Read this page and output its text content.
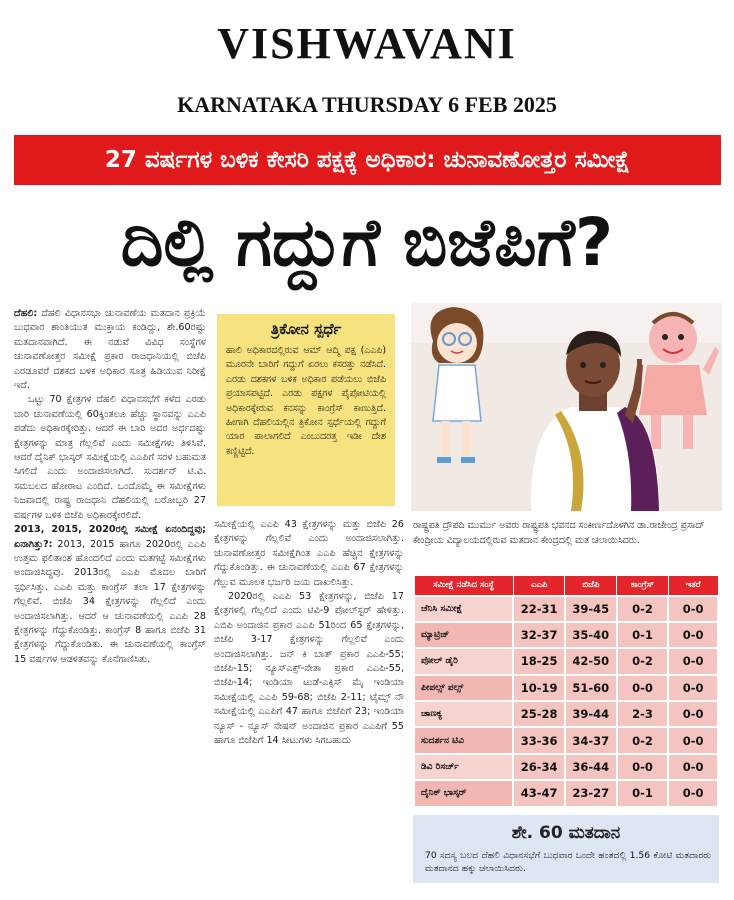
VISHWAVANI
KARNATAKA THURSDAY 6 FEB 2025
27 ವರ್ಷಗಳ ಬಳಿಕ ಕೇಸರಿ ಪಕ್ಷಕ್ಕೆ ಅಧಿಕಾರ: ಚುನಾವಣೋತ್ತರ ಸಮೀಕ್ಷೆ
ದಿಲ್ಲಿ ಗದ್ದುಗೆ ಬಿಜೆಪಿಗೆ?

ದೆಹಲಿ: ದೆಹಲಿ ವಿಧಾನಸಭಾ ಚುನಾವಣೆಯ ಮತದಾನ ಪ್ರಕ್ರಿಯೆ ಬುಧವಾರ ಶಾಂತಿಯುತ ಮುಕ್ತಾಯ ಕಂಡಿದ್ದು, ಶೇ.60ರಷ್ಟು ಮತದಾನವಾಗಿದೆ. ಈ ನಡುವೆ ವಿವಿಧ ಸಂಸ್ಥೆಗಳ ಚುನಾವಣೋತ್ತರ ಸಮೀಕ್ಷೆ ಪ್ರಕಾರ ರಾಜಧಾನಿಯಲ್ಲಿ ಬಿಜೆಪಿ ಎರಡೂವರೆ ದಶಕದ ಬಳಿಕ ಅಧಿಕಾರ ಸೂತ್ರ ಹಿಡಿಯುವ ನಿರೀಕ್ಷೆ ಇದೆ.

ಒಟ್ಟು 70 ಕ್ಷೇತ್ರಗಳ ದೆಹಲಿ ವಿಧಾನಸಭೆಗೆ ಕಳೆದ ಎರಡು ಬಾರಿ ಚುನಾವಣೆಯಲ್ಲಿ 60ಕ್ಕಿಂತಲೂ ಹೆಚ್ಚು ಸ್ಥಾನವನ್ನು ಎಎಪಿ ಪಡೆದು ಅಧಿಕಾರಕ್ಕೇರಿತ್ತು. ಆದರೆ ಈ ಬಾರಿ ಅದರ ಅರ್ಧದಷ್ಟು ಕ್ಷೇತ್ರಗಳನ್ನು ಮಾತ್ರ ಗೆಲ್ಲಲಿವೆ ಎಂದು ಸಮೀಕ್ಷೆಗಳು ತಿಳಿಸಿವೆ. ಆದರೆ ದೈನಿಕ್ ಭಾಸ್ಕರ್ ಸಮೀಕ್ಷೆಯಲ್ಲಿ ಎಎಪಿಗೆ ಸರಳ ಬಹುಮತ ಸಿಗಲಿದೆ ಎಂದು ಅಂದಾಜಿಸಲಾಗಿದೆ. ಸುದರ್ಶನ್ ಟಿ.ವಿ. ಸಮಬಲದ ಹೋರಾಟ ಎಂದಿದೆ. ಒಂದೊಮ್ಮೆ ಈ ಸಮೀಕ್ಷೆಗಳು ನಿಜವಾದಲ್ಲಿ ರಾಷ್ಟ್ರ ರಾಜಧಾನಿ ದೆಹಲಿಯಲ್ಲಿ ಬರೋಬ್ಬರಿ 27 ವರ್ಷಗಳ ಬಳಿಕ ಬಿಜೆಪಿ ಅಧಿಕಾರಕ್ಕೇರಲಿದೆ.

2013, 2015, 2020ರಲ್ಲಿ ಸಮೀಕ್ಷೆ ಏನಂದಿದ್ದವು; ಏನಾಗಿತ್ತು?: 2013, 2015 ಹಾಗೂ 2020ರಲ್ಲಿ ಎಎಪಿ ಉತ್ತಮ ಫಲಿತಾಂಶ ಹೊಂದಲಿದೆ ಎಂದು ಮತಗಟ್ಟೆ ಸಮೀಕ್ಷೆಗಳು ಅಂದಾಜಿಸಿದ್ದವು. 2013ರಲ್ಲಿ ಎಎಪಿ ಮೊದಲ ಬಾರಿಗೆ ಸ್ಪರ್ಧಿಸಿತ್ತು. ಎಎಪಿ ಮತ್ತು ಕಾಂಗ್ರೆಸ್ ತಲಾ 17 ಕ್ಷೇತ್ರಗಳನ್ನು ಗೆಲ್ಲಲಿವೆ. ಬಿಜೆಪಿ 34 ಕ್ಷೇತ್ರಗಳನ್ನು ಗೆಲ್ಲಲಿದೆ ಎಂದು ಅಂದಾಜಿಸಲಾಗಿತ್ತು. ಆದರೆ ಆ ಚುನಾವಣೆಯಲ್ಲಿ ಎಎಪಿ 28 ಕ್ಷೇತ್ರಗಳನ್ನು ಗೆದ್ದುಕೊಂಡಿತ್ತು. ಕಾಂಗ್ರೆಸ್ 8 ಹಾಗೂ ಬಿಜೆಪಿ 31 ಕ್ಷೇತ್ರಗಳನ್ನು ಗೆದ್ದುಕೊಂಡಿತು. ಈ ಚುನಾವಣೆಯಲ್ಲಿ ಕಾಂಗ್ರೆಸ್ 15 ವರ್ಷಗಳ ಆಡಳಿತವನ್ನು ಕೊನೆಗಾಣಿಸಿತು.

ತ್ರಿಕೋನ ಸ್ಪರ್ಧೆ
ಹಾಲಿ ಅಧಿಕಾರದಲ್ಲಿರುವ ಆಮ್ ಆದ್ಮಿ ಪಕ್ಷ (ಎಎಪಿ) ಮೂರನೇ ಬಾರಿಗೆ ಗದ್ದುಗೆ ಏರಲು ಕಸರತ್ತು ನಡೆಸಿದೆ. ಎರಡು ದಶಕಗಳ ಬಳಿಕ ಅಧಿಕಾರ ಪಡೆಯಲು ಬಿಜೆಪಿ ಪ್ರಯಾಸಪಟ್ಟಿದೆ. ಎರಡು ಪಕ್ಷಗಳ ಪೈಪೋಟಿಯಲ್ಲಿ ಅಧಿಕಾರಕ್ಕೇರುವ ಕನಸನ್ನು ಕಾಂಗ್ರೆಸ್ ಕಾಣುತ್ತಿದೆ. ಹೀಗಾಗಿ ದೆಹಲಿಯಲ್ಲಿನ ತ್ರಿಕೋನ ಸ್ಪರ್ಧೆಯಲ್ಲಿ ಗದ್ದುಗೆ ಯಾರ ಪಾಲಾಗಲಿದೆ ಎಂಬುದರತ್ತ ಇಡೀ ದೇಶ ಕಣ್ಣಿಟ್ಟಿದೆ.

ಸಮೀಕ್ಷೆಯಲ್ಲಿ ಎಎಪಿ 43 ಕ್ಷೇತ್ರಗಳನ್ನು ಮತ್ತು ಬಿಜೆಪಿ 26 ಕ್ಷೇತ್ರಗಳನ್ನು ಗೆಲ್ಲಲಿವೆ ಎಂದು ಅಂದಾಜಿಸಲಾಗಿತ್ತು. ಚುನಾವಣೋತ್ತರ ಸಮೀಕ್ಷೆಗಿಂತ ಎಎಪಿ ಹೆಚ್ಚಿನ ಕ್ಷೇತ್ರಗಳನ್ನು ಗೆದ್ದುಕೊಂಡಿತ್ತು. ಈ ಚುನಾವಣೆಯಲ್ಲಿ ಎಎಪಿ 67 ಕ್ಷೇತ್ರಗಳನ್ನು ಗೆಲ್ಲುವ ಮೂಲಕ ಭರ್ಜರಿ ಜಯ ದಾಖಲಿಸಿತ್ತು.

2020ರಲ್ಲಿ ಎಎಪಿ 53 ಕ್ಷೇತ್ರಗಳನ್ನು, ಬಿಜೆಪಿ 17 ಕ್ಷೇತ್ರಗಳಲ್ಲಿ ಗೆಲ್ಲಲಿದೆ ಎಂದು ಟಿವಿ-9 ಪೋಲ್‌ಸ್ಟರ್ ಹೇಳಿತ್ತು. ಎಬಿಪಿ ಅಂದಾಜಿನ ಪ್ರಕಾರ ಎಎಪಿ 51ರಿಂದ 65 ಕ್ಷೇತ್ರಗಳನ್ನು, ಬಿಜೆಪಿ 3-17 ಕ್ಷೇತ್ರಗಳನ್ನು ಗೆಲ್ಲಲಿವೆ ಎಂದು ಅಂದಾಜಿಸಲಾಗಿತ್ತು. ಜನ್ ಕಿ ಬಾತ್ ಪ್ರಕಾರ ಎಎಪಿ-55; ಬಿಜೆಪಿ-15; ನ್ಯೂಸ್‌ಎಕ್ಸ್-ನೇತಾ ಪ್ರಕಾರ ಎಎಪಿ-55, ಬಿಜೆಪಿ-14; ಇಂಡಿಯಾ ಟುಡೆ-ಎಕ್ಸಿಸ್ ಮೈ ಇಂಡಿಯಾ ಸಮೀಕ್ಷೆಯಲ್ಲಿ ಎಎಪಿ 59-68; ಬಿಜೆಪಿ 2-11; ಟೈಮ್ಸ್ ನೌ ಸಮೀಕ್ಷೆಯಲ್ಲಿ ಎಎಪಿಗೆ 47 ಹಾಗೂ ಬಿಜೆಪಿಗೆ 23; ಇಂಡಿಯಾ ನ್ಯೂಸ್ - ನ್ಯೂಸ್ ನೇಷನ್ ಅಂದಾಜಿನ ಪ್ರಕಾರ ಎಎಪಿಗೆ 55 ಹಾಗೂ ಬಿಜೆಪಿಗೆ 14 ಸೀಟುಗಳು ಸಿಗಬಹುದು

ರಾಷ್ಟ್ರಪತಿ ದ್ರೌಪದಿ ಮುರ್ಮು ಅವರು ರಾಷ್ಟ್ರಪತಿ ಭವನದ ಸಂಕೀರ್ಣದೊಳಗಿನ ಡಾ.ರಾಜೇಂದ್ರ ಪ್ರಸಾದ್ ಕೇಂದ್ರೀಯ ವಿದ್ಯಾಲಯದಲ್ಲಿರುವ ಮತದಾನ ಕೇಂದ್ರದಲ್ಲಿ ಮತ ಚಲಾಯಿಸಿದರು.
ಸಮೀಕ್ಷೆ ನಡೆಸಿದ ಸಂಸ್ಥೆ	ಎಎಪಿ	ಬಿಜೆಪಿ	ಕಾಂಗ್ರೆಸ್	ಇತರೆ
ಚೆನಿಸಿ ಸಮೀಕ್ಷೆ	22-31	39-45	0-2	0-0
ಮ್ಯಾಟ್ರಿಜ್	32-37	35-40	0-1	0-0
ಪೋಲ್ ಡೈರಿ	18-25	42-50	0-2	0-0
ಪೀಪಲ್ಸ್ ಪಲ್ಸ್	10-19	51-60	0-0	0-0
ಚಾಣಕ್ಯ	25-28	39-44	2-3	0-0
ಸುದರ್ಶನ ಟಿವಿ	33-36	34-37	0-2	0-0
ಡಿವಿ ರಿಸರ್ಚ್	26-34	36-44	0-0	0-0
ದೈನಿಕ್ ಭಾಸ್ಕರ್	43-47	23-27	0-1	0-0
ಶೇ. 60 ಮತದಾನ
70 ಸದಸ್ಯ ಬಲದ ದೆಹಲಿ ವಿಧಾನಸಭೆಗೆ ಬುಧವಾರ ಒಂದೇ ಹಂತದಲ್ಲಿ 1.56 ಕೋಟಿ ಮತದಾರರು ಮತದಾನದ ಹಕ್ಕು ಚಲಾಯಿಸಿದರು.
